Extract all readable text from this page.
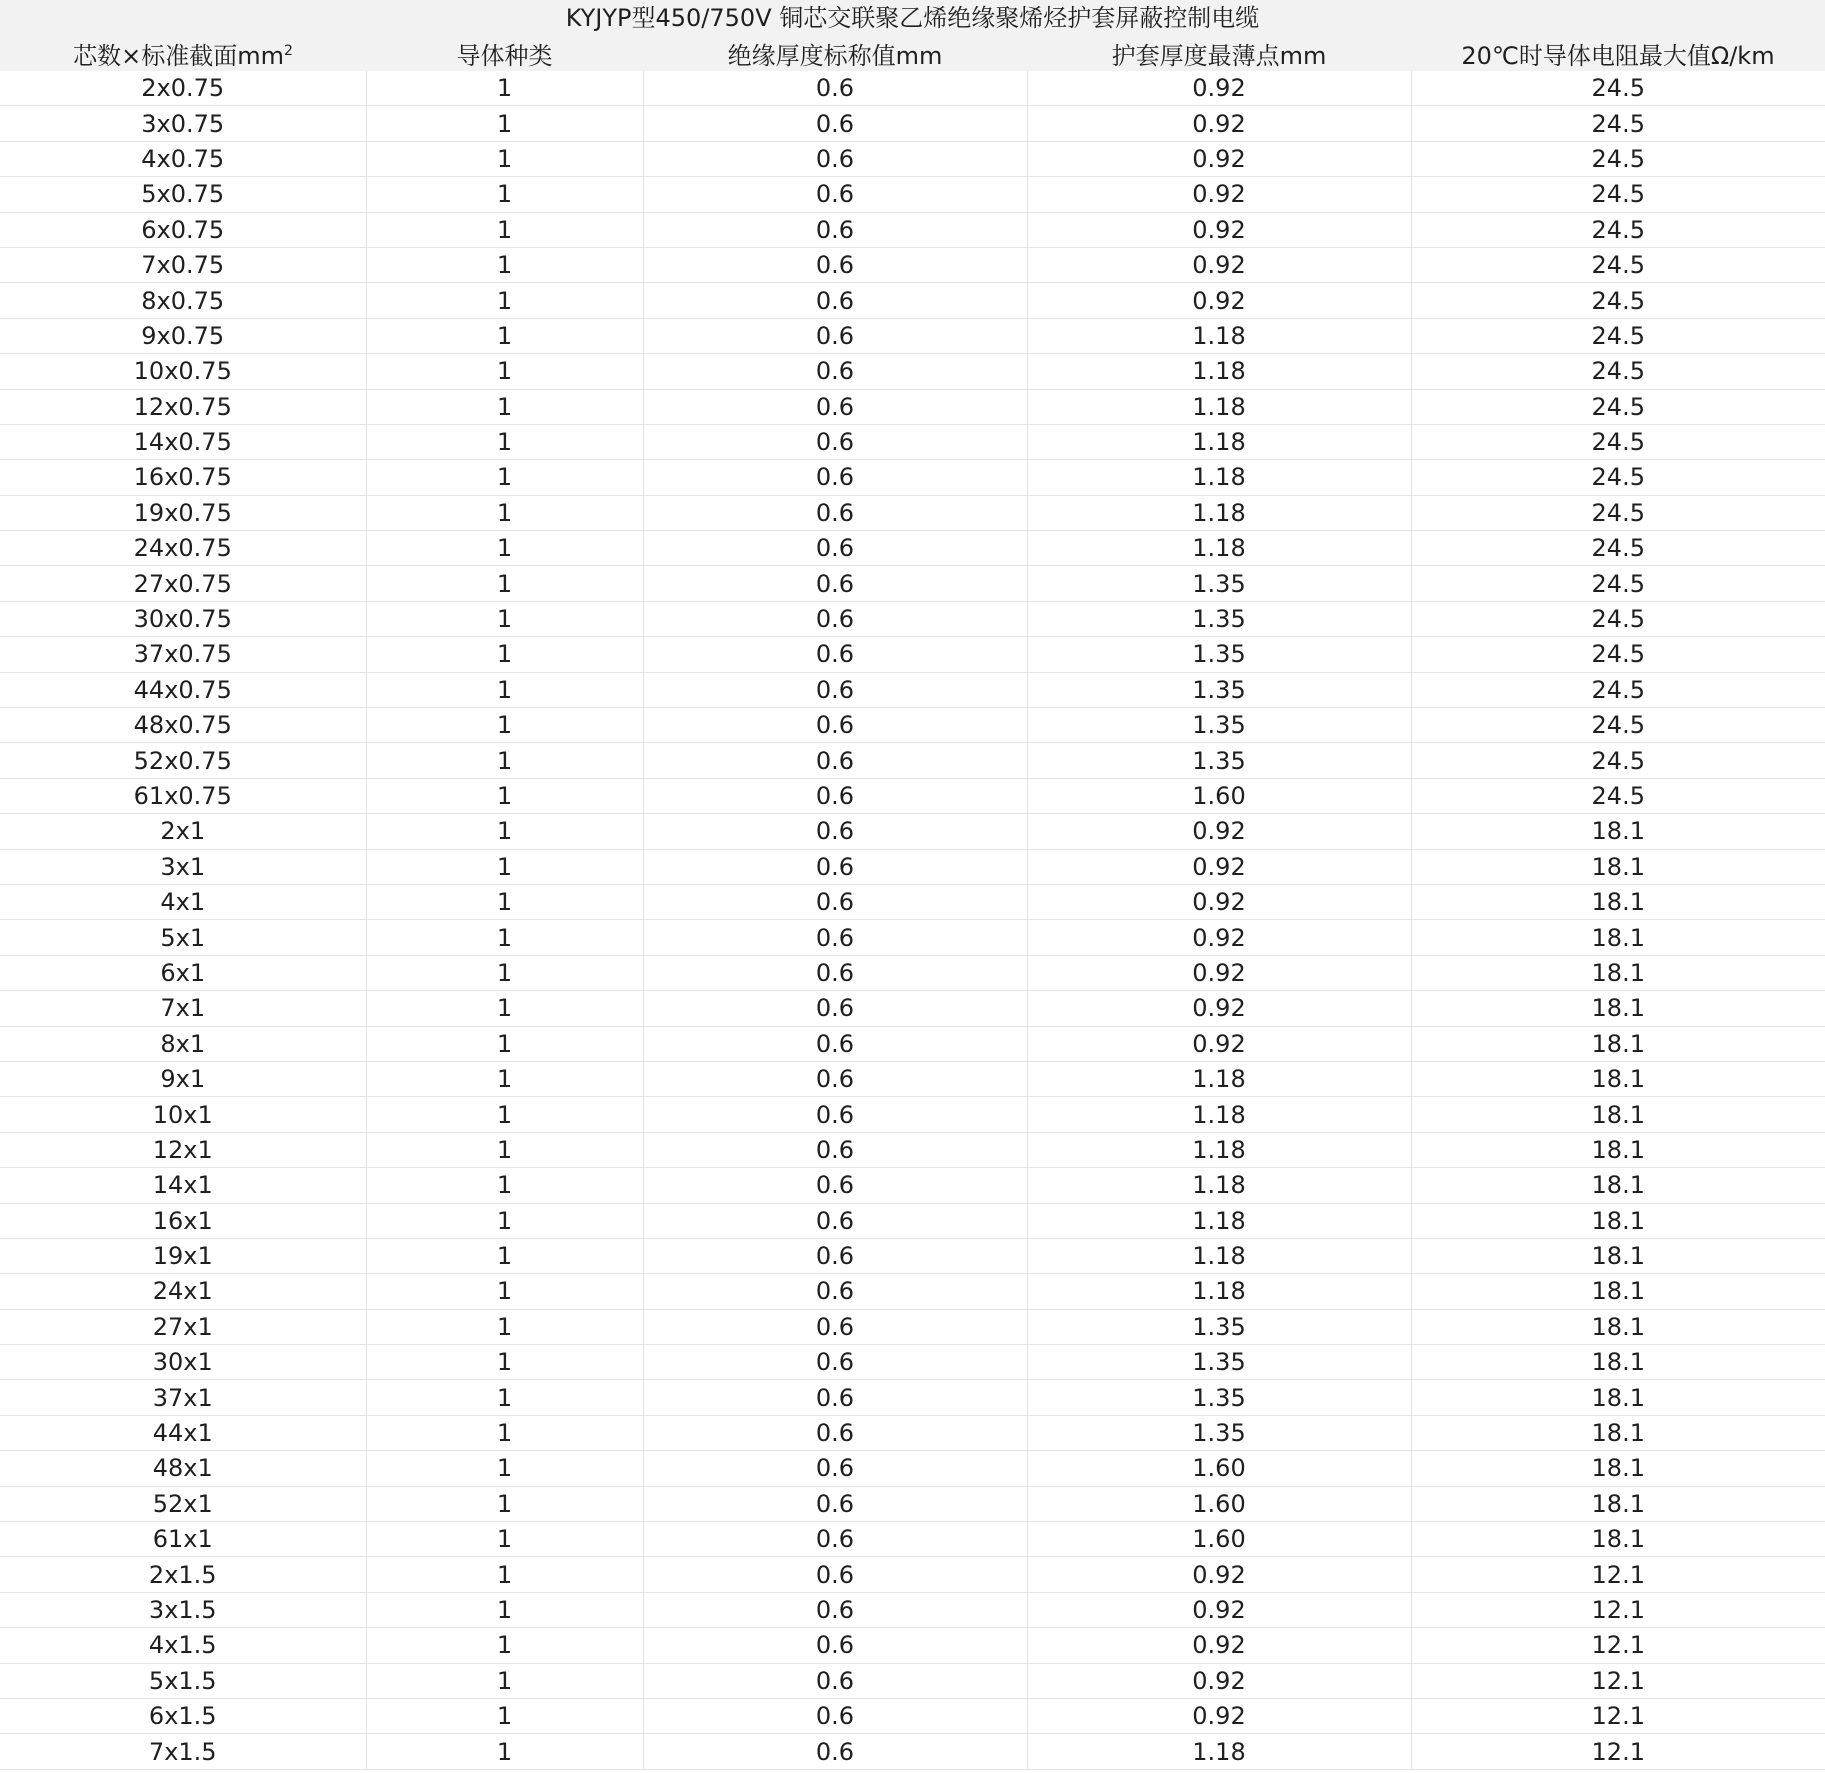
KYJYP型450/750V 铜芯交联聚乙烯绝缘聚烯烃护套屏蔽控制电缆
芯数×标准截面$mm^2$	导体种类	绝缘厚度标称值mm	护套厚度最薄点mm	20℃时导体电阻最大值Ω/km
2x0.75	1	0.6	0.92	24.5
3x0.75	1	0.6	0.92	24.5
4x0.75	1	0.6	0.92	24.5
5x0.75	1	0.6	0.92	24.5
6x0.75	1	0.6	0.92	24.5
7x0.75	1	0.6	0.92	24.5
8x0.75	1	0.6	0.92	24.5
9x0.75	1	0.6	1.18	24.5
10x0.75	1	0.6	1.18	24.5
12x0.75	1	0.6	1.18	24.5
14x0.75	1	0.6	1.18	24.5
16x0.75	1	0.6	1.18	24.5
19x0.75	1	0.6	1.18	24.5
24x0.75	1	0.6	1.18	24.5
27x0.75	1	0.6	1.35	24.5
30x0.75	1	0.6	1.35	24.5
37x0.75	1	0.6	1.35	24.5
44x0.75	1	0.6	1.35	24.5
48x0.75	1	0.6	1.35	24.5
52x0.75	1	0.6	1.35	24.5
61x0.75	1	0.6	1.60	24.5
2x1	1	0.6	0.92	18.1
3x1	1	0.6	0.92	18.1
4x1	1	0.6	0.92	18.1
5x1	1	0.6	0.92	18.1
6x1	1	0.6	0.92	18.1
7x1	1	0.6	0.92	18.1
8x1	1	0.6	0.92	18.1
9x1	1	0.6	1.18	18.1
10x1	1	0.6	1.18	18.1
12x1	1	0.6	1.18	18.1
14x1	1	0.6	1.18	18.1
16x1	1	0.6	1.18	18.1
19x1	1	0.6	1.18	18.1
24x1	1	0.6	1.18	18.1
27x1	1	0.6	1.35	18.1
30x1	1	0.6	1.35	18.1
37x1	1	0.6	1.35	18.1
44x1	1	0.6	1.35	18.1
48x1	1	0.6	1.60	18.1
52x1	1	0.6	1.60	18.1
61x1	1	0.6	1.60	18.1
2x1.5	1	0.6	0.92	12.1
3x1.5	1	0.6	0.92	12.1
4x1.5	1	0.6	0.92	12.1
5x1.5	1	0.6	0.92	12.1
6x1.5	1	0.6	0.92	12.1
7x1.5	1	0.6	1.18	12.1
